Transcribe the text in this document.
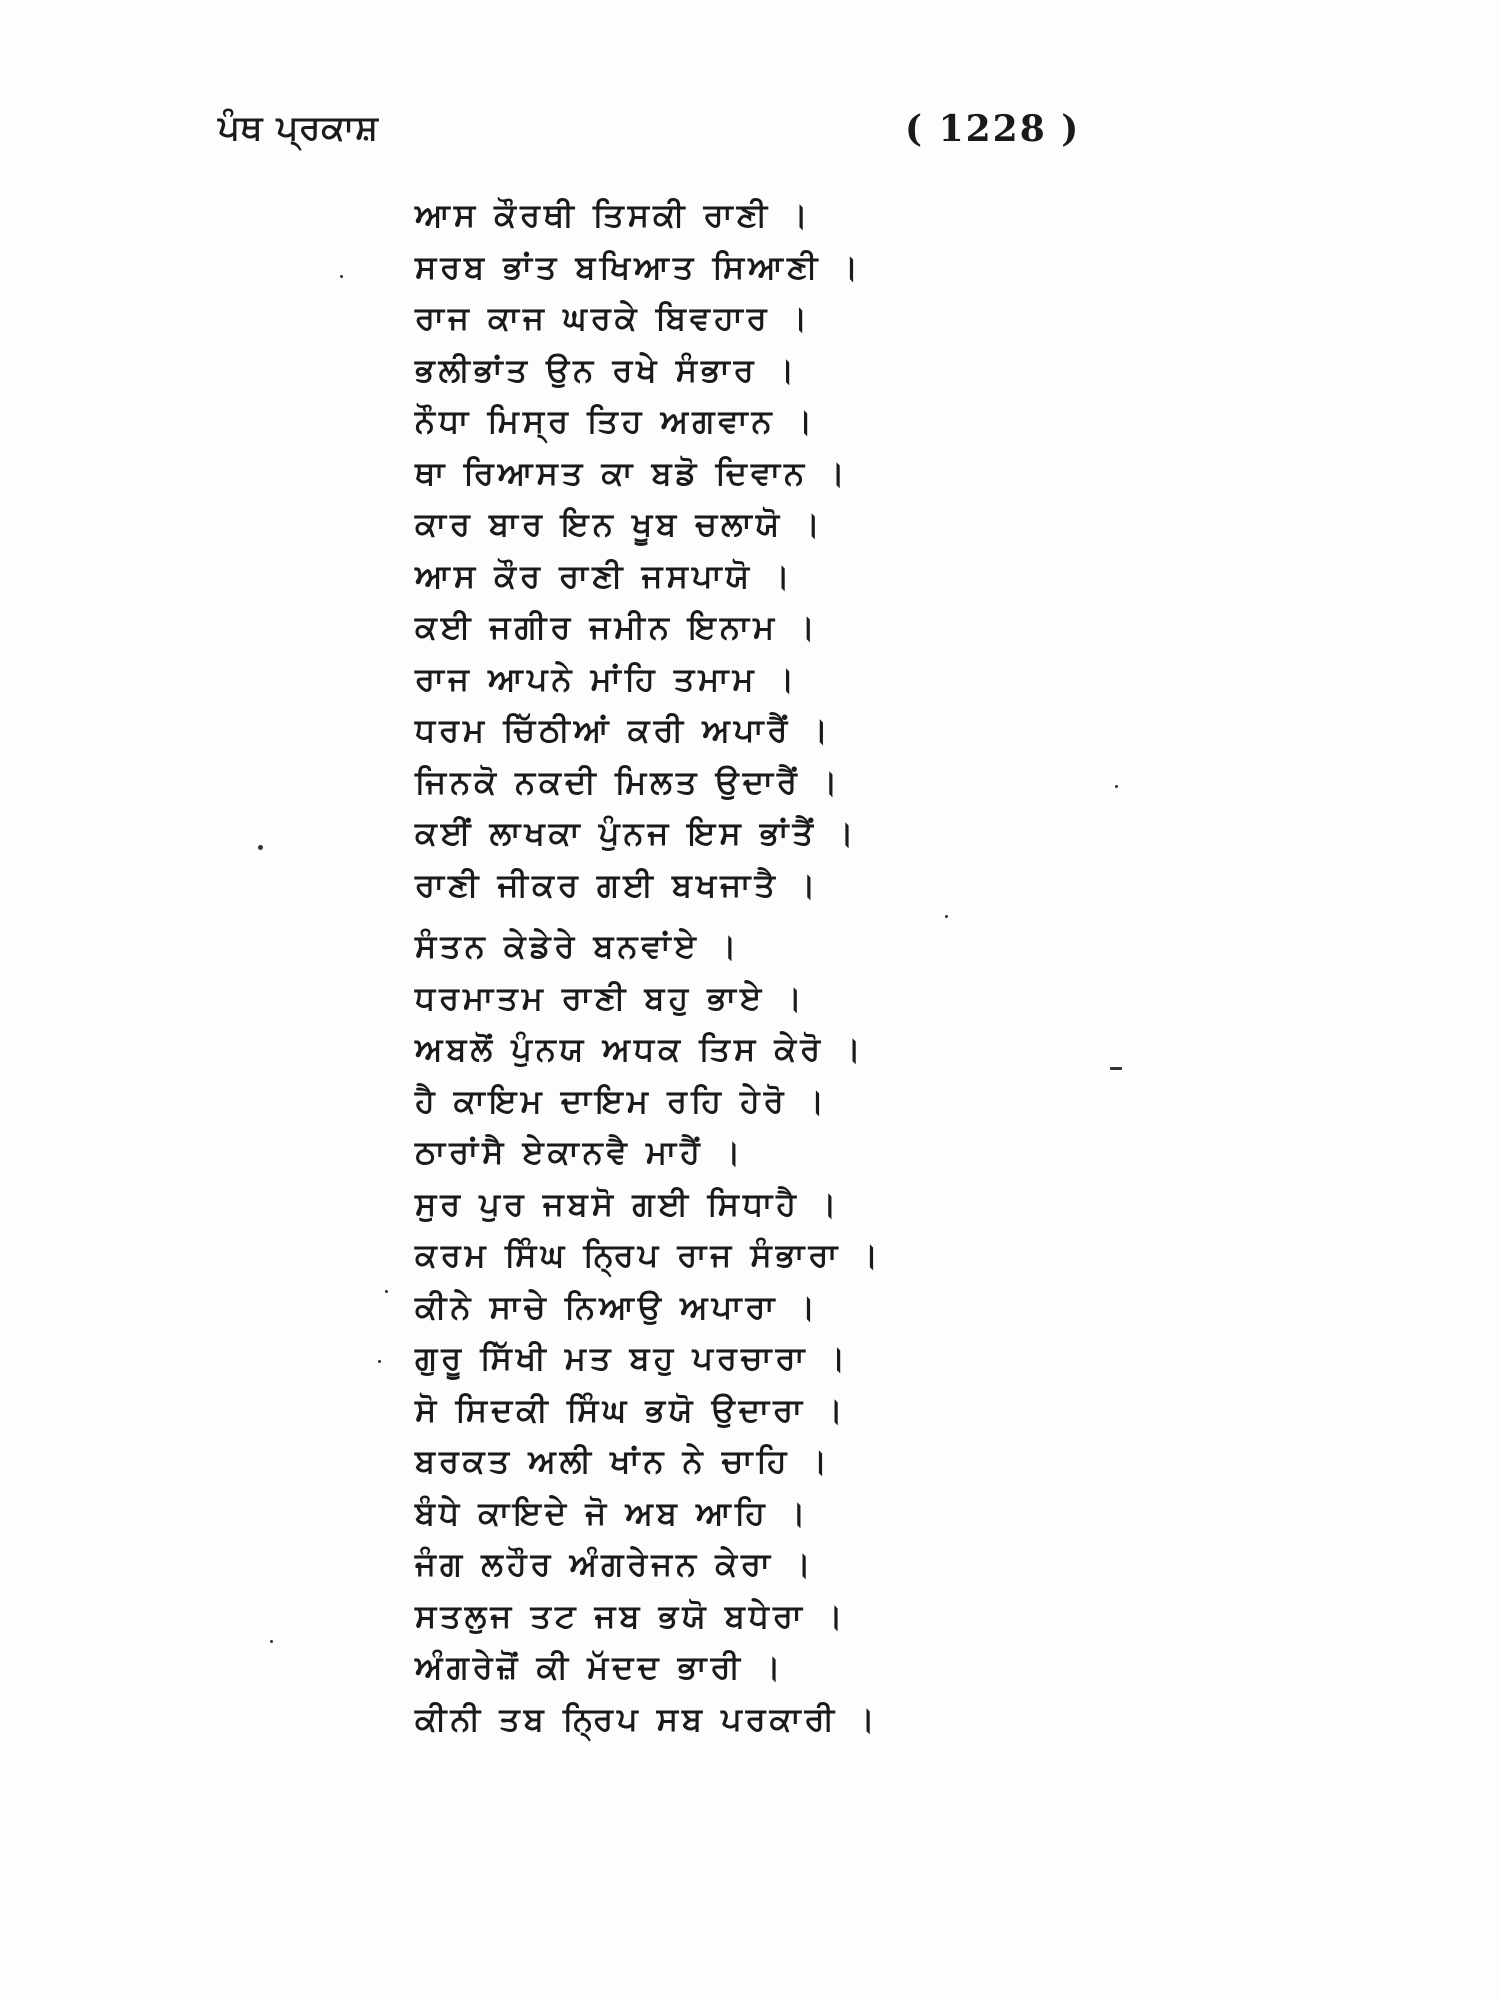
ਪੰਥ ਪ੍ਰਕਾਸ਼	( 1228 )
ਆਸ ਕੌਰਥੀ ਤਿਸਕੀ ਰਾਣੀ ।
ਸਰਬ ਭਾਂਤ ਬਖਿਆਤ ਸਿਆਣੀ ।
ਰਾਜ ਕਾਜ ਘਰਕੇ ਬਿਵਹਾਰ ।
ਭਲੀਭਾਂਤ ਉਨ ਰਖੇ ਸੰਭਾਰ ।
ਨੌਧਾ ਮਿਸ੍ਰ ਤਿਹ ਅਗਵਾਨ ।
ਥਾ ਰਿਆਸਤ ਕਾ ਬਡੋ ਦਿਵਾਨ ।
ਕਾਰ ਬਾਰ ਇਨ ਖੂਬ ਚਲਾਯੋ ।
ਆਸ ਕੌਰ ਰਾਣੀ ਜਸਪਾਯੋ ।
ਕਈ ਜਗੀਰ ਜਮੀਨ ਇਨਾਮ ।
ਰਾਜ ਆਪਨੇ ਮਾਂਹਿ ਤਮਾਮ ।
ਧਰਮ ਚਿੱਠੀਆਂ ਕਰੀ ਅਪਾਰੈਂ ।
ਜਿਨਕੋ ਨਕਦੀ ਮਿਲਤ ਉਦਾਰੈਂ ।
ਕਈਂ ਲਾਖਕਾ ਪੁੰਨਜ ਇਸ ਭਾਂਤੈਂ ।
ਰਾਣੀ ਜੀਕਰ ਗਈ ਬਖਜਾਤੈ ।
ਸੰਤਨ ਕੇਡੇਰੇ ਬਨਵਾਂਏ ।
ਧਰਮਾਤਮ ਰਾਣੀ ਬਹੁ ਭਾਏ ।
ਅਬਲੋਂ ਪੁੰਨਯ ਅਧਕ ਤਿਸ ਕੇਰੋ ।
ਹੈ ਕਾਇਮ ਦਾਇਮ ਰਹਿ ਹੇਰੋ ।
ਠਾਰਾਂਸੈ ਏਕਾਨਵੈ ਮਾਹੈਂ ।
ਸੁਰ ਪੁਰ ਜਬਸੋ ਗਈ ਸਿਧਾਹੈ ।
ਕਰਮ ਸਿੰਘ ਨ੍ਰਿਪ ਰਾਜ ਸੰਭਾਰਾ ।
ਕੀਨੇ ਸਾਚੇ ਨਿਆਉ ਅਪਾਰਾ ।
ਗੁਰੂ ਸਿੱਖੀ ਮਤ ਬਹੁ ਪਰਚਾਰਾ ।
ਸੋ ਸਿਦਕੀ ਸਿੰਘ ਭਯੋ ਉਦਾਰਾ ।
ਬਰਕਤ ਅਲੀ ਖਾਂਨ ਨੇ ਚਾਹਿ ।
ਬੰਧੇ ਕਾਇਦੇ ਜੋ ਅਬ ਆਹਿ ।
ਜੰਗ ਲਹੌਰ ਅੰਗਰੇਜਨ ਕੇਰਾ ।
ਸਤਲੁਜ ਤਟ ਜਬ ਭਯੋ ਬਧੇਰਾ ।
ਅੰਗਰੇਜ਼ੋਂ ਕੀ ਮੱਦਦ ਭਾਰੀ ।
ਕੀਨੀ ਤਬ ਨ੍ਰਿਪ ਸਬ ਪਰਕਾਰੀ ।
